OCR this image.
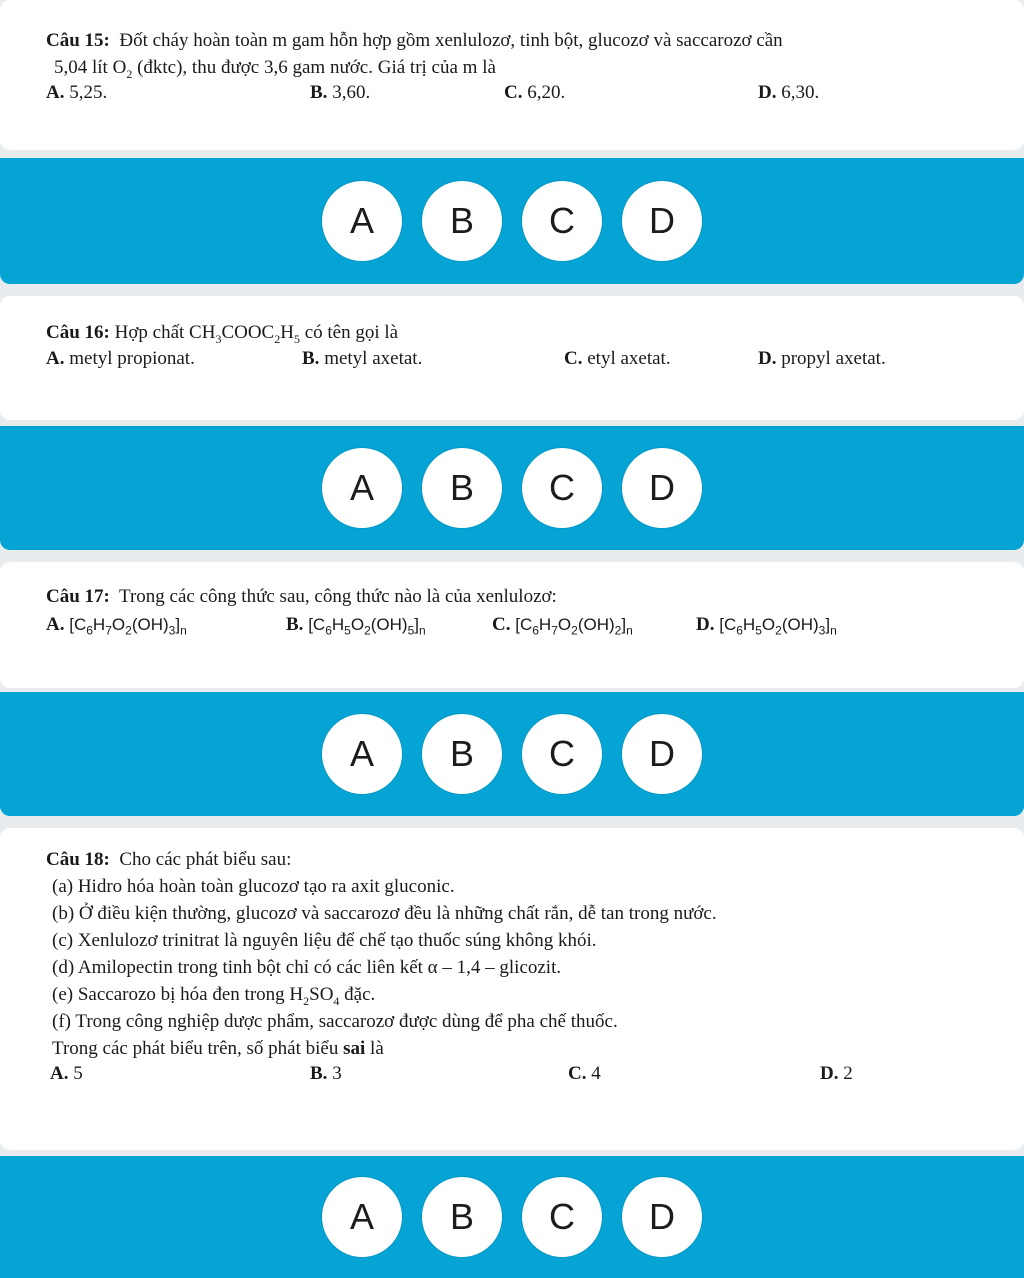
Câu 15: Đốt cháy hoàn toàn m gam hỗn hợp gồm xenlulozơ, tinh bột, glucozơ và saccarozơ cần
5,04 lít $O_2$ (đktc), thu được 3,6 gam nước. Giá trị của m là
A. 5,25.	B. 3,60.	C. 6,20.	D. 6,30.
A	B	C	D
Câu 16: Hợp chất $CH_3COOC_2H_5$ có tên gọi là
A. metyl propionat.	B. metyl axetat.	C. etyl axetat.	D. propyl axetat.
A	B	C	D
Câu 17: Trong các công thức sau, công thức nào là của xenlulozơ:
A. $[C_6H_7O_2(OH)_3]_n$	B. $[C_6H_5O_2(OH)_5]_n$	C. $[C_6H_7O_2(OH)_2]_n$	D. $[C_6H_5O_2(OH)_3]_n$
A	B	C	D
Câu 18: Cho các phát biểu sau:
(a) Hidro hóa hoàn toàn glucozơ tạo ra axit gluconic.
(b) Ở điều kiện thường, glucozơ và saccarozơ đều là những chất rắn, dễ tan trong nước.
(c) Xenlulozơ trinitrat là nguyên liệu để chế tạo thuốc súng không khói.
(d) Amilopectin trong tinh bột chỉ có các liên kết α – 1,4 – glicozit.
(e) Saccarozo bị hóa đen trong $H_2SO_4$ đặc.
(f) Trong công nghiệp dược phẩm, saccarozơ được dùng để pha chế thuốc.
Trong các phát biểu trên, số phát biểu sai là
A. 5	B. 3	C. 4	D. 2
A	B	C	D
